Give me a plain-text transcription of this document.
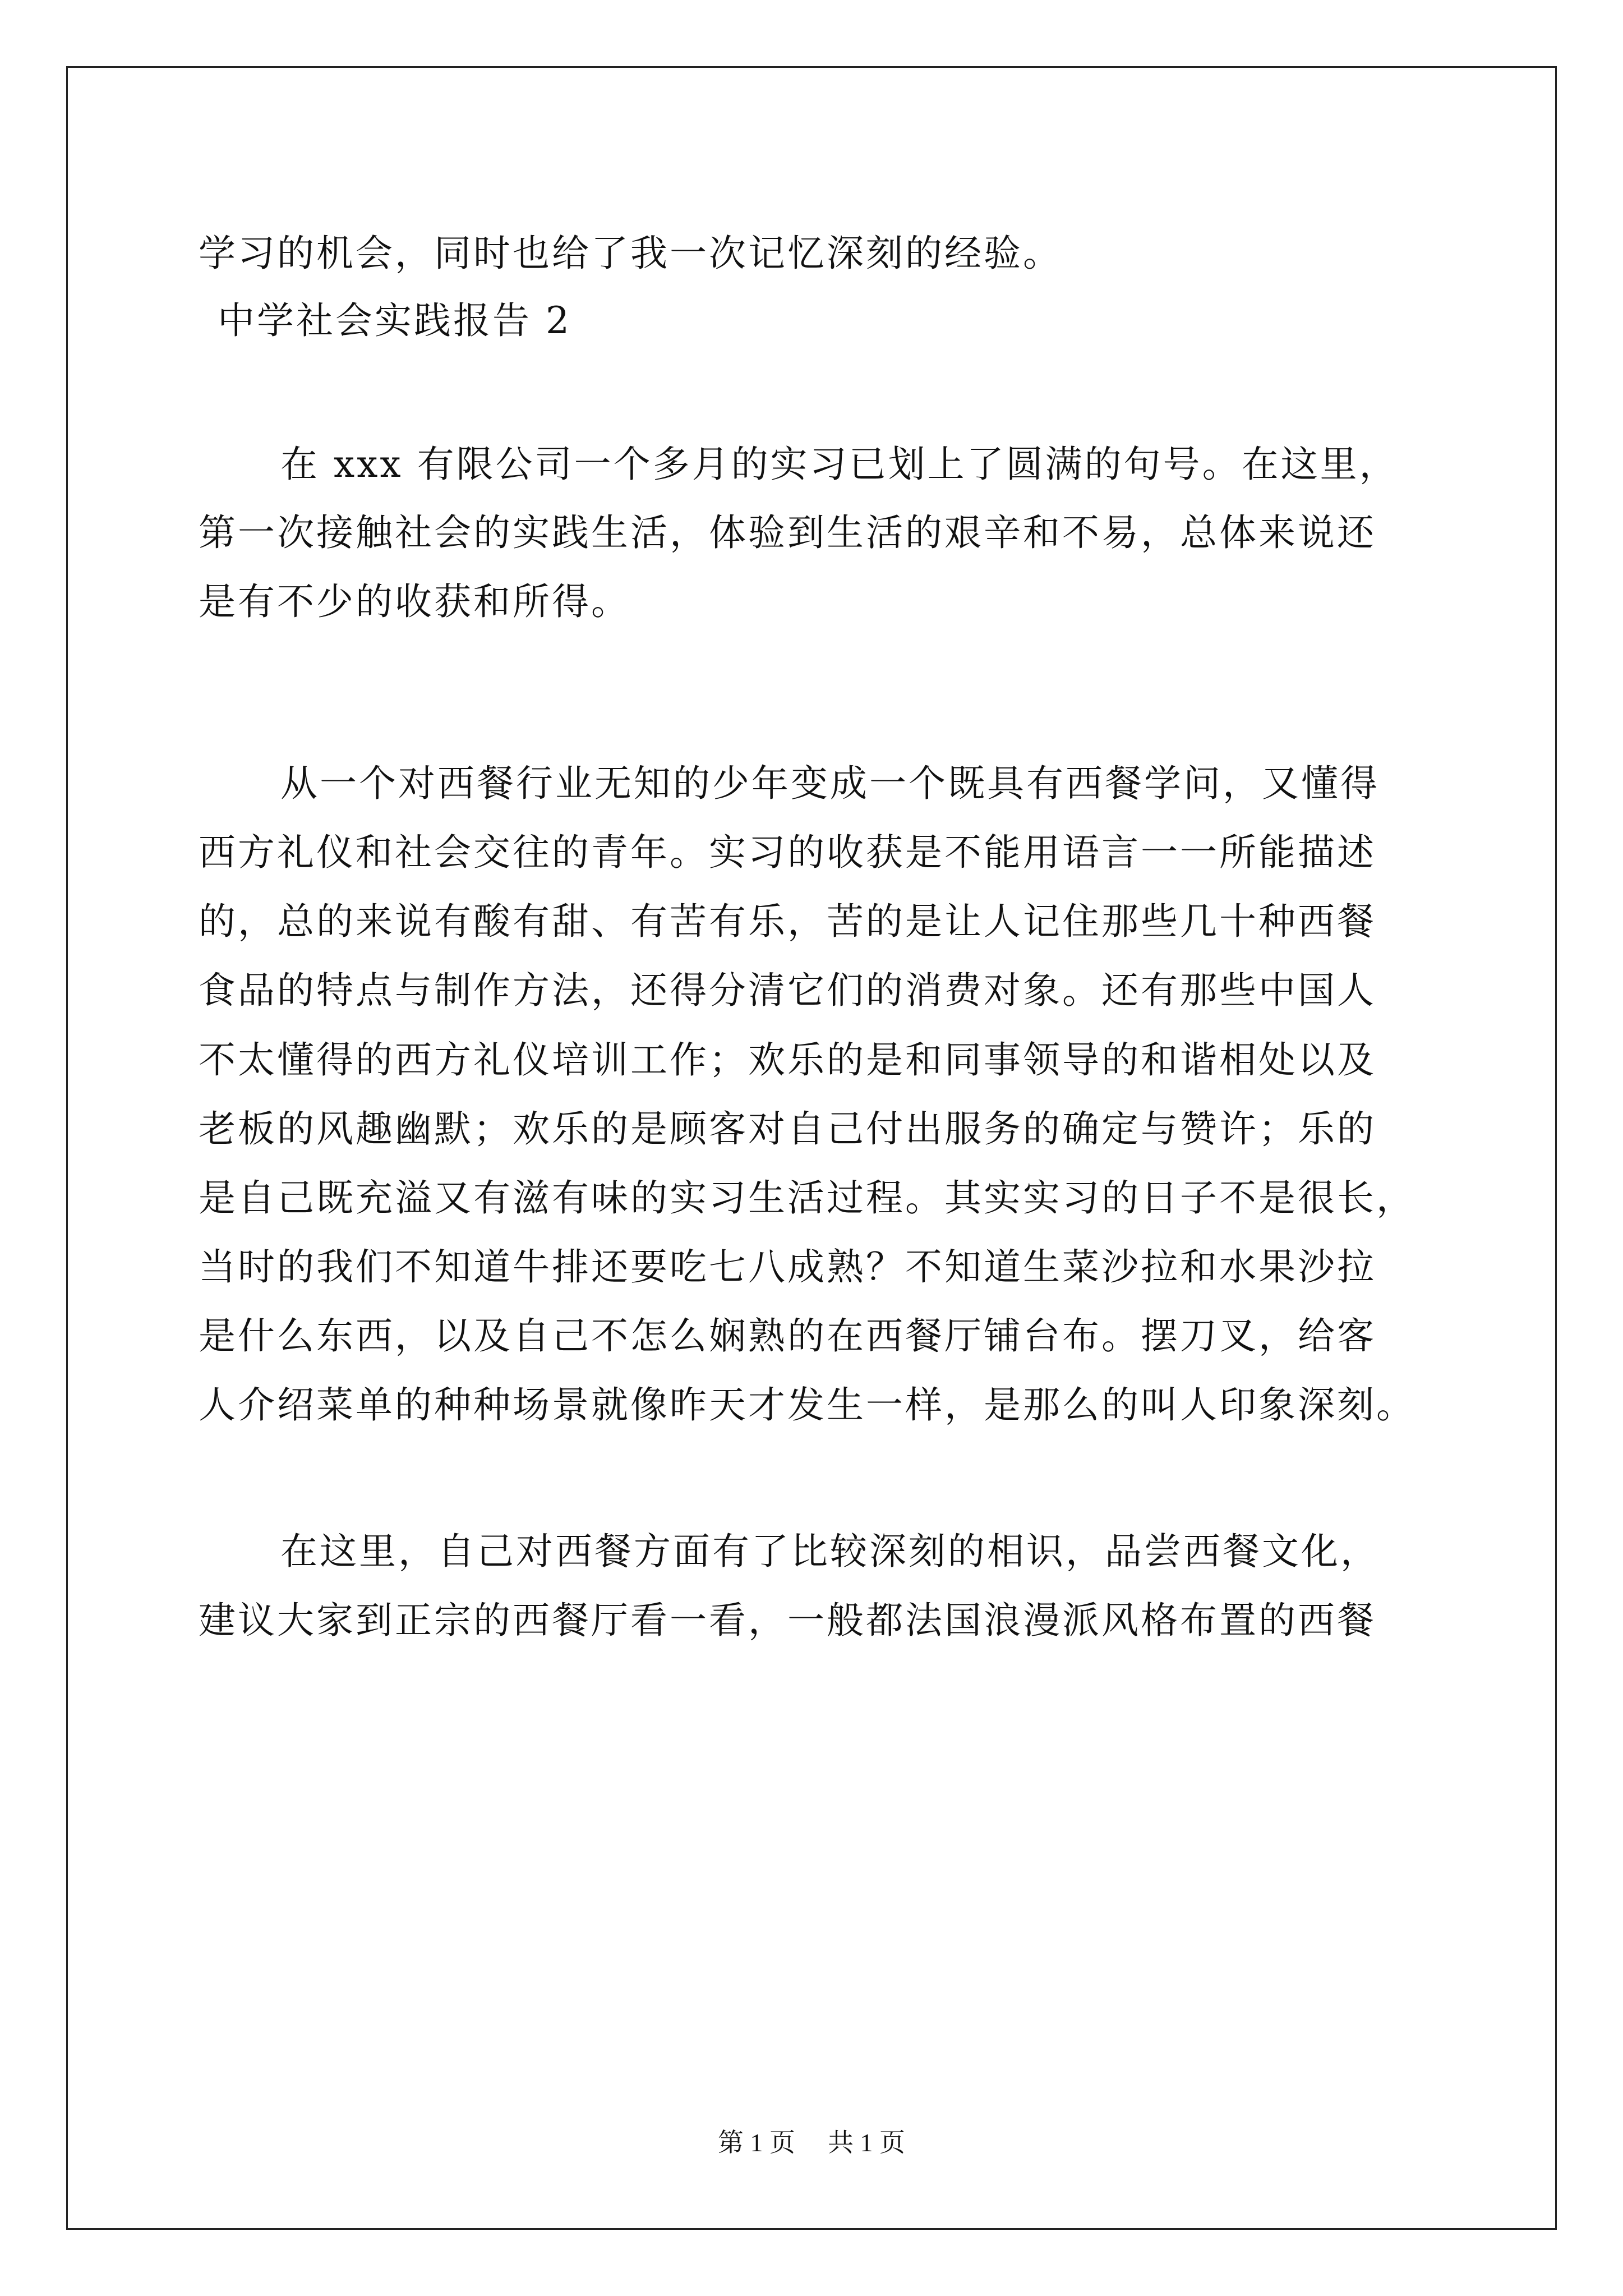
学习的机会，同时也给了我一次记忆深刻的经验。
中学社会实践报告 2
在 xxx 有限公司一个多月的实习已划上了圆满的句号。在这里，
第一次接触社会的实践生活，体验到生活的艰辛和不易，总体来说还
是有不少的收获和所得。
从一个对西餐行业无知的少年变成一个既具有西餐学问，又懂得
西方礼仪和社会交往的青年。实习的收获是不能用语言一一所能描述
的，总的来说有酸有甜、有苦有乐，苦的是让人记住那些几十种西餐
食品的特点与制作方法，还得分清它们的消费对象。还有那些中国人
不太懂得的西方礼仪培训工作；欢乐的是和同事领导的和谐相处以及
老板的风趣幽默；欢乐的是顾客对自己付出服务的确定与赞许；乐的
是自己既充溢又有滋有味的实习生活过程。其实实习的日子不是很长，
当时的我们不知道牛排还要吃七八成熟？不知道生菜沙拉和水果沙拉
是什么东西，以及自己不怎么娴熟的在西餐厅铺台布。摆刀叉，给客
人介绍菜单的种种场景就像昨天才发生一样，是那么的叫人印象深刻。
在这里，自己对西餐方面有了比较深刻的相识，品尝西餐文化，
建议大家到正宗的西餐厅看一看，一般都法国浪漫派风格布置的西餐
第 1 页 共 1 页
